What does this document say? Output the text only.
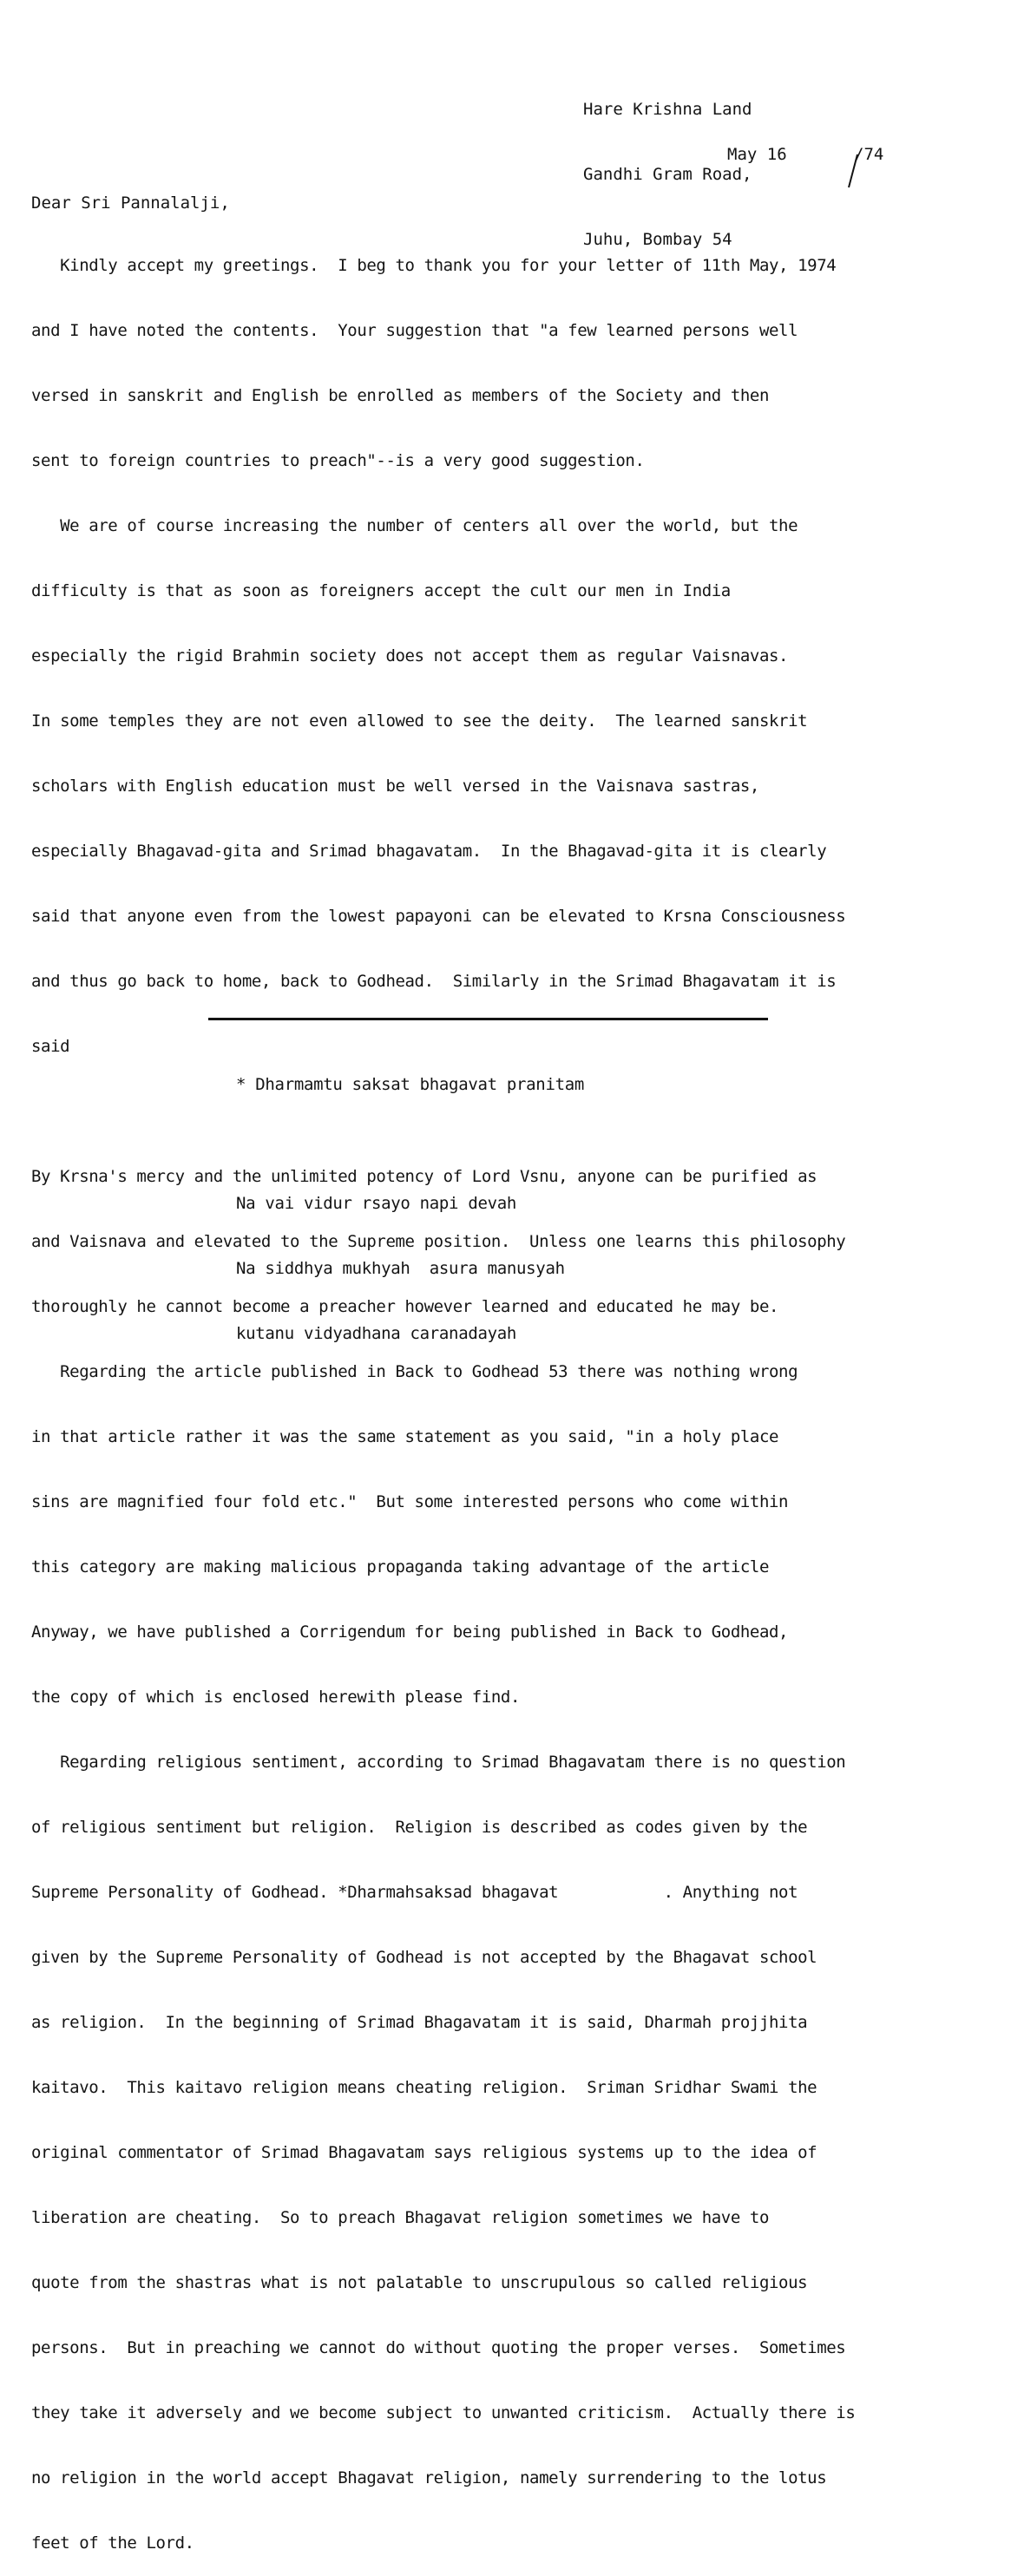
Hare Krishna Land

Gandhi Gram Road,

Juhu, Bombay 54

May 16	/74
Dear Sri Pannalalji,

Kindly accept my greetings.  I beg to thank you for your letter of 11th May, 1974

and I have noted the contents.  Your suggestion that "a few learned persons well

versed in sanskrit and English be enrolled as members of the Society and then

sent to foreign countries to preach"--is a very good suggestion.

We are of course increasing the number of centers all over the world, but the

difficulty is that as soon as foreigners accept the cult our men in India

especially the rigid Brahmin society does not accept them as regular Vaisnavas.

In some temples they are not even allowed to see the deity.  The learned sanskrit

scholars with English education must be well versed in the Vaisnava sastras,

especially Bhagavad-gita and Srimad bhagavatam.  In the Bhagavad-gita it is clearly

said that anyone even from the lowest papayoni can be elevated to Krsna Consciousness

and thus go back to home, back to Godhead.  Similarly in the Srimad Bhagavatam it is

said

By Krsna's mercy and the unlimited potency of Lord Vsnu, anyone can be purified as

and Vaisnava and elevated to the Supreme position.  Unless one learns this philosophy

thoroughly he cannot become a preacher however learned and educated he may be.

Regarding the article published in Back to Godhead 53 there was nothing wrong

in that article rather it was the same statement as you said, "in a holy place

sins are magnified four fold etc."  But some interested persons who come within

this category are making malicious propaganda taking advantage of the article

Anyway, we have published a Corrigendum for being published in Back to Godhead,

the copy of which is enclosed herewith please find.

Regarding religious sentiment, according to Srimad Bhagavatam there is no question

of religious sentiment but religion.  Religion is described as codes given by the

Supreme Personality of Godhead. *Dharmahsaksad bhagavat           . Anything not

given by the Supreme Personality of Godhead is not accepted by the Bhagavat school

as religion.  In the beginning of Srimad Bhagavatam it is said, Dharmah projjhita

kaitavo.  This kaitavo religion means cheating religion.  Sriman Sridhar Swami the

original commentator of Srimad Bhagavatam says religious systems up to the idea of

liberation are cheating.  So to preach Bhagavat religion sometimes we have to

quote from the shastras what is not palatable to unscrupulous so called religious

persons.  But in preaching we cannot do without quoting the proper verses.  Sometimes

they take it adversely and we become subject to unwanted criticism.  Actually there is

no religion in the world accept Bhagavat religion, namely surrendering to the lotus

feet of the Lord.

* Dharmamtu saksat bhagavat pranitam

Na vai vidur rsayo napi devah

Na siddhya mukhyah  asura manusyah

kutanu vidyadhana caranadayah
